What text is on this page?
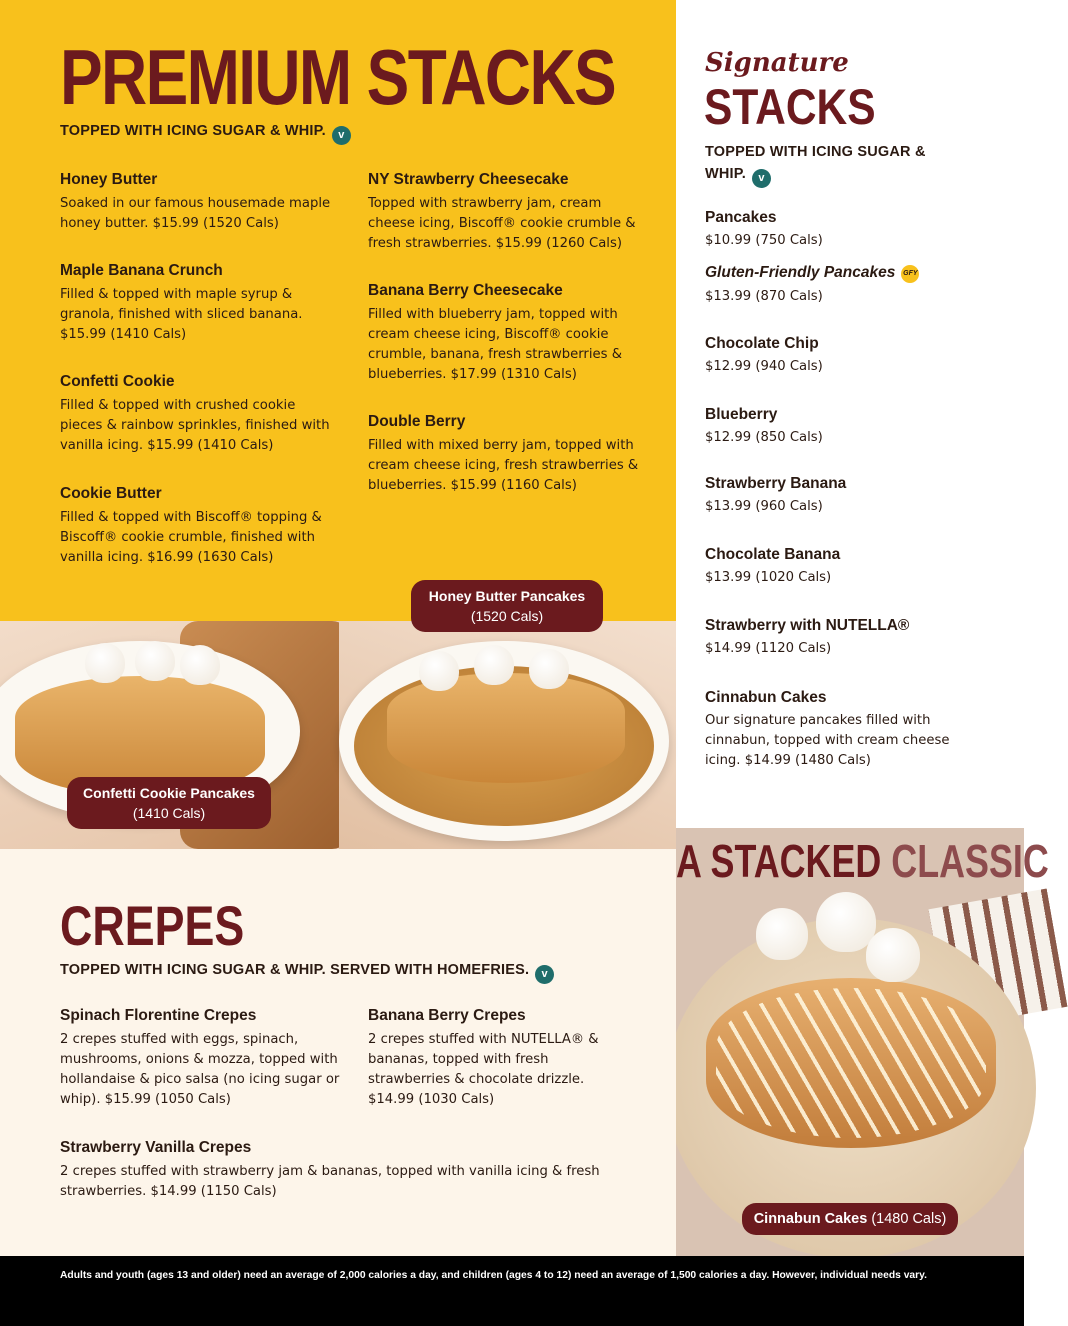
PREMIUM STACKS
TOPPED WITH ICING SUGAR & WHIP. v
Honey Butter
Soaked in our famous housemade maple honey butter. $15.99 (1520 Cals)
Maple Banana Crunch
Filled & topped with maple syrup & granola, finished with sliced banana. $15.99 (1410 Cals)
Confetti Cookie
Filled & topped with crushed cookie pieces & rainbow sprinkles, finished with vanilla icing. $15.99 (1410 Cals)
Cookie Butter
Filled & topped with Biscoff® topping & Biscoff® cookie crumble, finished with vanilla icing. $16.99 (1630 Cals)
NY Strawberry Cheesecake
Topped with strawberry jam, cream cheese icing, Biscoff® cookie crumble & fresh strawberries. $15.99 (1260 Cals)
Banana Berry Cheesecake
Filled with blueberry jam, topped with cream cheese icing, Biscoff® cookie crumble, banana, fresh strawberries & blueberries. $17.99 (1310 Cals)
Double Berry
Filled with mixed berry jam, topped with cream cheese icing, fresh strawberries & blueberries. $15.99 (1160 Cals)
Confetti Cookie Pancakes
(1410 Cals)
Honey Butter Pancakes
(1520 Cals)
Signature
STACKS
TOPPED WITH ICING SUGAR & WHIP. v
Pancakes
$10.99 (750 Cals)
Gluten-Friendly Pancakes GFY
$13.99 (870 Cals)
Chocolate Chip
$12.99 (940 Cals)
Blueberry
$12.99 (850 Cals)
Strawberry Banana
$13.99 (960 Cals)
Chocolate Banana
$13.99 (1020 Cals)
Strawberry with NUTELLA®
$14.99 (1120 Cals)
Cinnabun Cakes
Our signature pancakes filled with cinnabun, topped with cream cheese icing. $14.99 (1480 Cals)
A STACKED CLASSIC
Cinnabun Cakes (1480 Cals)
CREPES
TOPPED WITH ICING SUGAR & WHIP. SERVED WITH HOMEFRIES. v
Spinach Florentine Crepes
2 crepes stuffed with eggs, spinach, mushrooms, onions & mozza, topped with hollandaise & pico salsa (no icing sugar or whip). $15.99 (1050 Cals)
Banana Berry Crepes
2 crepes stuffed with NUTELLA® & bananas, topped with fresh strawberries & chocolate drizzle. $14.99 (1030 Cals)
Strawberry Vanilla Crepes
2 crepes stuffed with strawberry jam & bananas, topped with vanilla icing & fresh strawberries. $14.99 (1150 Cals)

Adults and youth (ages 13 and older) need an average of 2,000 calories a day, and children (ages 4 to 12) need an average of 1,500 calories a day. However, individual needs vary.
